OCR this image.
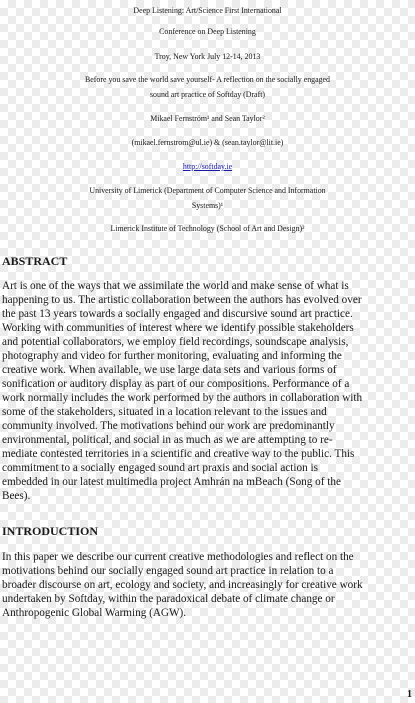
Deep Listening: Art/Science First International
Conference on Deep Listening
Troy, New York July 12-14, 2013
Before you save the world save yourself- A reflection on the socially engaged
sound art practice of Softday (Draft)
Mikael Fernström¹ and Sean Taylor²
(mikael.fernstrom@ul.ie) & (sean.taylor@lit.ie)
http://softday.ie
University of Limerick (Department of Computer Science and Information
Systems)¹
Limerick Institute of Technology (School of Art and Design)²
ABSTRACT
Art is one of the ways that we assimilate the world and make sense of what is
happening to us. The artistic collaboration between the authors has evolved over
the past 13 years towards a socially engaged and discursive sound art practice.
Working with communities of interest where we identify possible stakeholders
and potential collaborators, we employ field recordings, soundscape analysis,
photography and video for further monitoring, evaluating and informing the
creative work. When available, we use large data sets and various forms of
sonification or auditory display as part of our compositions. Performance of a
work normally includes the work performed by the authors in collaboration with
some of the stakeholders, situated in a location relevant to the issues and
community involved. The motivations behind our work are predominantly
environmental, political, and social in as much as we are attempting to re-
mediate contested territories in a scientific and creative way to the public. This
commitment to a socially engaged sound art praxis and social action is
embedded in our latest multimedia project Amhrán na mBeach (Song of the
Bees).
INTRODUCTION
In this paper we describe our current creative methodologies and reflect on the
motivations behind our socially engaged sound art practice in relation to a
broader discourse on art, ecology and society, and increasingly for creative work
undertaken by Softday, within the paradoxical debate of climate change or
Anthropogenic Global Warming (AGW).
1
